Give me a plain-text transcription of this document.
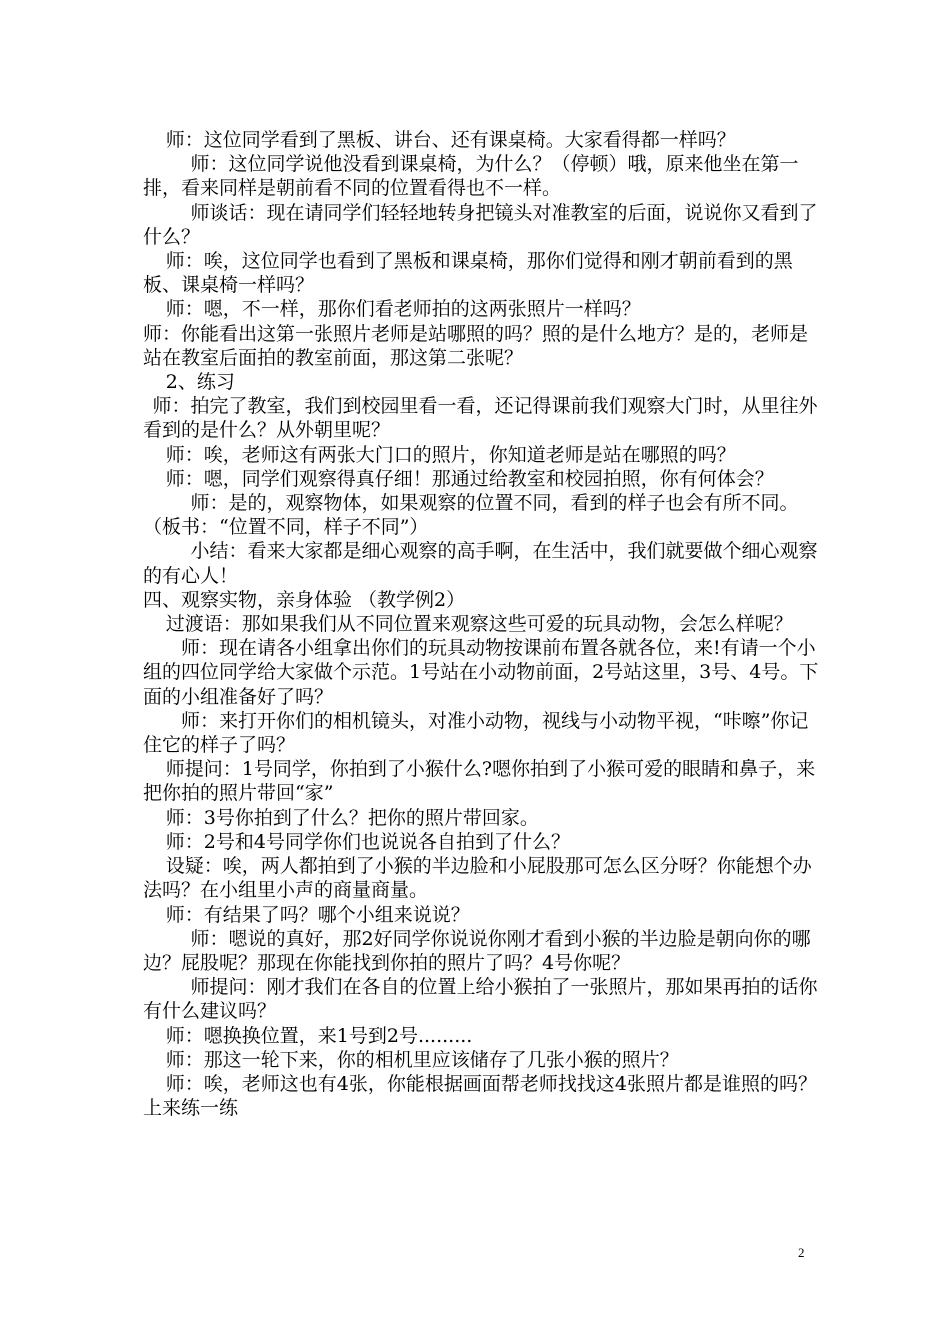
师：这位同学看到了黑板、讲台、还有课桌椅。大家看得都一样吗？

师：这位同学说他没看到课桌椅，为什么？（停顿）哦，原来他坐在第一排，看来同样是朝前看不同的位置看得也不一样。

师谈话：现在请同学们轻轻地转身把镜头对准教室的后面，说说你又看到了什么？

师：唉，这位同学也看到了黑板和课桌椅，那你们觉得和刚才朝前看到的黑板、课桌椅一样吗？

师：嗯，不一样，那你们看老师拍的这两张照片一样吗？

师：你能看出这第一张照片老师是站哪照的吗？照的是什么地方？是的，老师是站在教室后面拍的教室前面，那这第二张呢？

2、练习

师：拍完了教室，我们到校园里看一看，还记得课前我们观察大门时，从里往外看到的是什么？从外朝里呢？

师：唉，老师这有两张大门口的照片，你知道老师是站在哪照的吗？

师：嗯，同学们观察得真仔细！那通过给教室和校园拍照，你有何体会？

师：是的，观察物体，如果观察的位置不同，看到的样子也会有所不同。（板书：“位置不同，样子不同”）

小结：看来大家都是细心观察的高手啊，在生活中，我们就要做个细心观察的有心人！

四、观察实物，亲身体验 （教学例2）

过渡语：那如果我们从不同位置来观察这些可爱的玩具动物，会怎么样呢？

师：现在请各小组拿出你们的玩具动物按课前布置各就各位，来!有请一个小组的四位同学给大家做个示范。1号站在小动物前面，2号站这里，3号、4号。下面的小组准备好了吗？

师：来打开你们的相机镜头，对准小动物，视线与小动物平视，“咔嚓”你记住它的样子了吗？

师提问：1号同学，你拍到了小猴什么?嗯你拍到了小猴可爱的眼睛和鼻子，来把你拍的照片带回“家”

师：3号你拍到了什么？把你的照片带回家。

师：2号和4号同学你们也说说各自拍到了什么？

设疑：唉，两人都拍到了小猴的半边脸和小屁股那可怎么区分呀？你能想个办法吗？在小组里小声的商量商量。

师：有结果了吗？哪个小组来说说？

师：嗯说的真好，那2好同学你说说你刚才看到小猴的半边脸是朝向你的哪边？屁股呢？那现在你能找到你拍的照片了吗？4号你呢？

师提问：刚才我们在各自的位置上给小猴拍了一张照片，那如果再拍的话你有什么建议吗？

师：嗯换换位置，来1号到2号.........

师：那这一轮下来，你的相机里应该储存了几张小猴的照片？

师：唉，老师这也有4张，你能根据画面帮老师找找这4张照片都是谁照的吗？上来练一练

2
